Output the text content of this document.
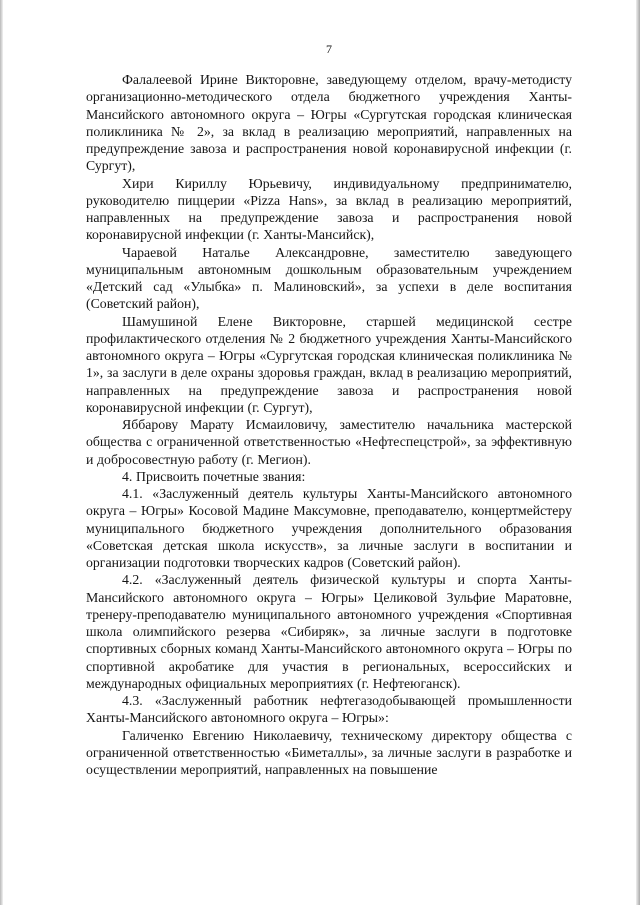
7

Фалалеевой Ирине Викторовне, заведующему отделом, врачу-методисту организационно-методического отдела бюджетного учреждения Ханты-Мансийского автономного округа – Югры «Сургутская городская клиническая поликлиника № 2», за вклад в реализацию мероприятий, направленных на предупреждение завоза и распространения новой коронавирусной инфекции (г. Сургут),

Хири Кириллу Юрьевичу, индивидуальному предпринимателю, руководителю пиццерии «Pizza Hans», за вклад в реализацию мероприятий, направленных на предупреждение завоза и распространения новой коронавирусной инфекции (г. Ханты-Мансийск),

Чараевой Наталье Александровне, заместителю заведующего муниципальным автономным дошкольным образовательным учреждением «Детский сад «Улыбка» п. Малиновский», за успехи в деле воспитания (Советский район),

Шамушиной Елене Викторовне, старшей медицинской сестре профилактического отделения № 2 бюджетного учреждения Ханты-Мансийского автономного округа – Югры «Сургутская городская клиническая поликлиника № 1», за заслуги в деле охраны здоровья граждан, вклад в реализацию мероприятий, направленных на предупреждение завоза и распространения новой коронавирусной инфекции (г. Сургут),

Яббарову Марату Исмаиловичу, заместителю начальника мастерской общества с ограниченной ответственностью «Нефтеспецстрой», за эффективную и добросовестную работу (г. Мегион).

4. Присвоить почетные звания:

4.1. «Заслуженный деятель культуры Ханты-Мансийского автономного округа – Югры» Косовой Мадине Максумовне, преподавателю, концертмейстеру муниципального бюджетного учреждения дополнительного образования «Советская детская школа искусств», за личные заслуги в воспитании и организации подготовки творческих кадров (Советский район).

4.2. «Заслуженный деятель физической культуры и спорта Ханты-Мансийского автономного округа – Югры» Целиковой Зульфие Маратовне, тренеру-преподавателю муниципального автономного учреждения «Спортивная школа олимпийского резерва «Сибиряк», за личные заслуги в подготовке спортивных сборных команд Ханты-Мансийского автономного округа – Югры по спортивной акробатике для участия в региональных, всероссийских и международных официальных мероприятиях (г. Нефтеюганск).

4.3. «Заслуженный работник нефтегазодобывающей промышленности Ханты-Мансийского автономного округа – Югры»:

Галиченко Евгению Николаевичу, техническому директору общества с ограниченной ответственностью «Биметаллы», за личные заслуги в разработке и осуществлении мероприятий, направленных на повышение
